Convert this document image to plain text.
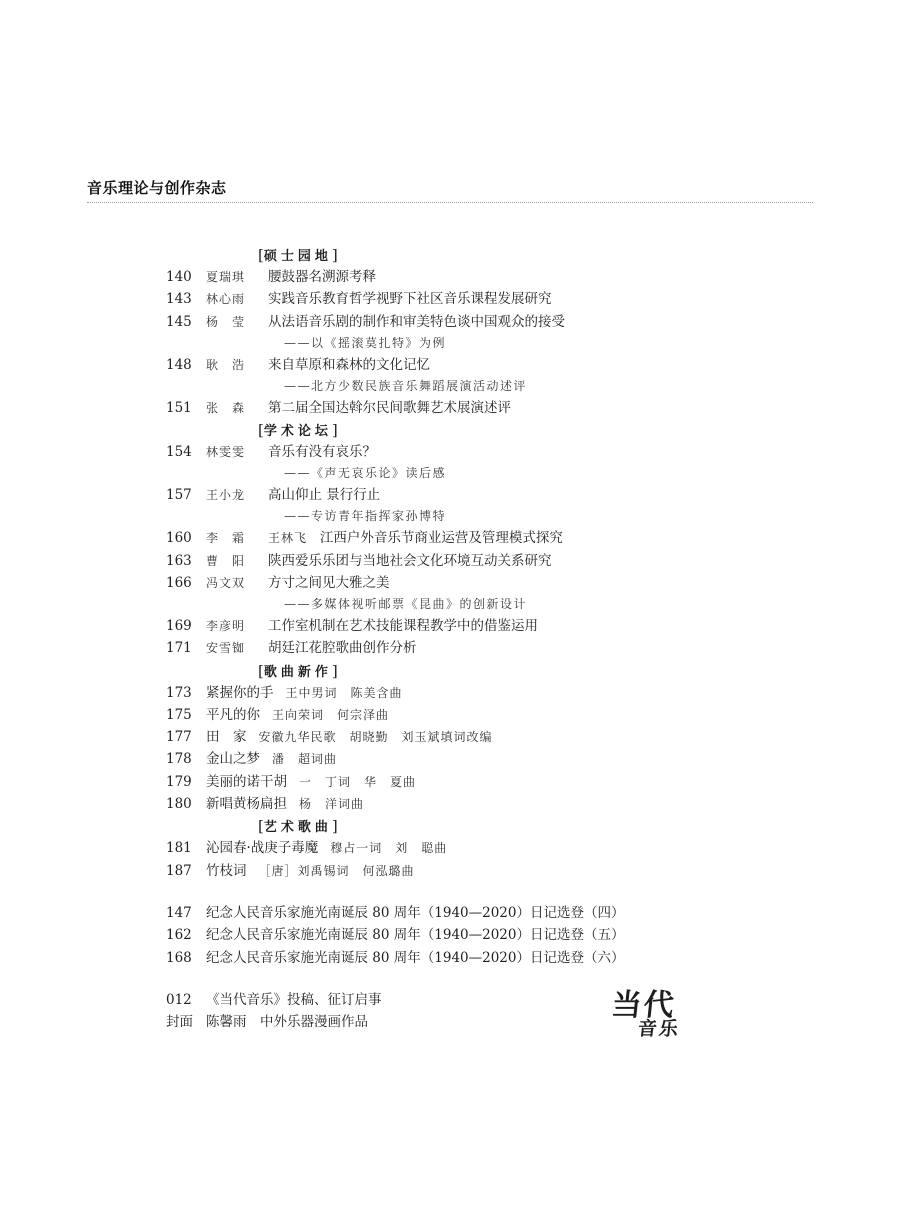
音乐理论与创作杂志
[硕士园地]
140	夏瑞琪 腰鼓器名溯源考释
143	林心雨 实践音乐教育哲学视野下社区音乐课程发展研究
145	杨　莹 从法语音乐剧的制作和审美特色谈中国观众的接受
——以《摇滚莫扎特》为例
148	耿　浩 来自草原和森林的文化记忆
——北方少数民族音乐舞蹈展演活动述评
151	张　森 第二届全国达斡尔民间歌舞艺术展演述评
[学术论坛]
154	林雯雯 音乐有没有哀乐？
——《声无哀乐论》读后感
157	王小龙 高山仰止 景行行止
——专访青年指挥家孙博特
160	李　霜 王林飞 江西户外音乐节商业运营及管理模式探究
163	曹　阳 陕西爱乐乐团与当地社会文化环境互动关系研究
166	冯文双 方寸之间见大雅之美
——多媒体视听邮票《昆曲》的创新设计
169	李彦明 工作室机制在艺术技能课程教学中的借鉴运用
171	安雪铷 胡廷江花腔歌曲创作分析
[歌曲新作]
173	紧握你的手 王中男词　陈美含曲
175	平凡的你 王向荣词　何宗泽曲
177	田　家 安徽九华民歌　胡晓勤　刘玉斌填词改编
178	金山之梦 潘　超词曲
179	美丽的诺干胡 一　丁词　华　夏曲
180	新唱黄杨扁担 杨　洋词曲
[艺术歌曲]
181	沁园春·战庚子毒魔 穆占一词　刘　聪曲
187	竹枝词 ［唐］刘禹锡词　何泓璐曲
147	纪念人民音乐家施光南诞辰 80 周年（1940—2020）日记选登（四）
162	纪念人民音乐家施光南诞辰 80 周年（1940—2020）日记选登（五）
168	纪念人民音乐家施光南诞辰 80 周年（1940—2020）日记选登（六）
012	《当代音乐》投稿、征订启事
封面 陈馨雨　中外乐器漫画作品	当代
音乐
